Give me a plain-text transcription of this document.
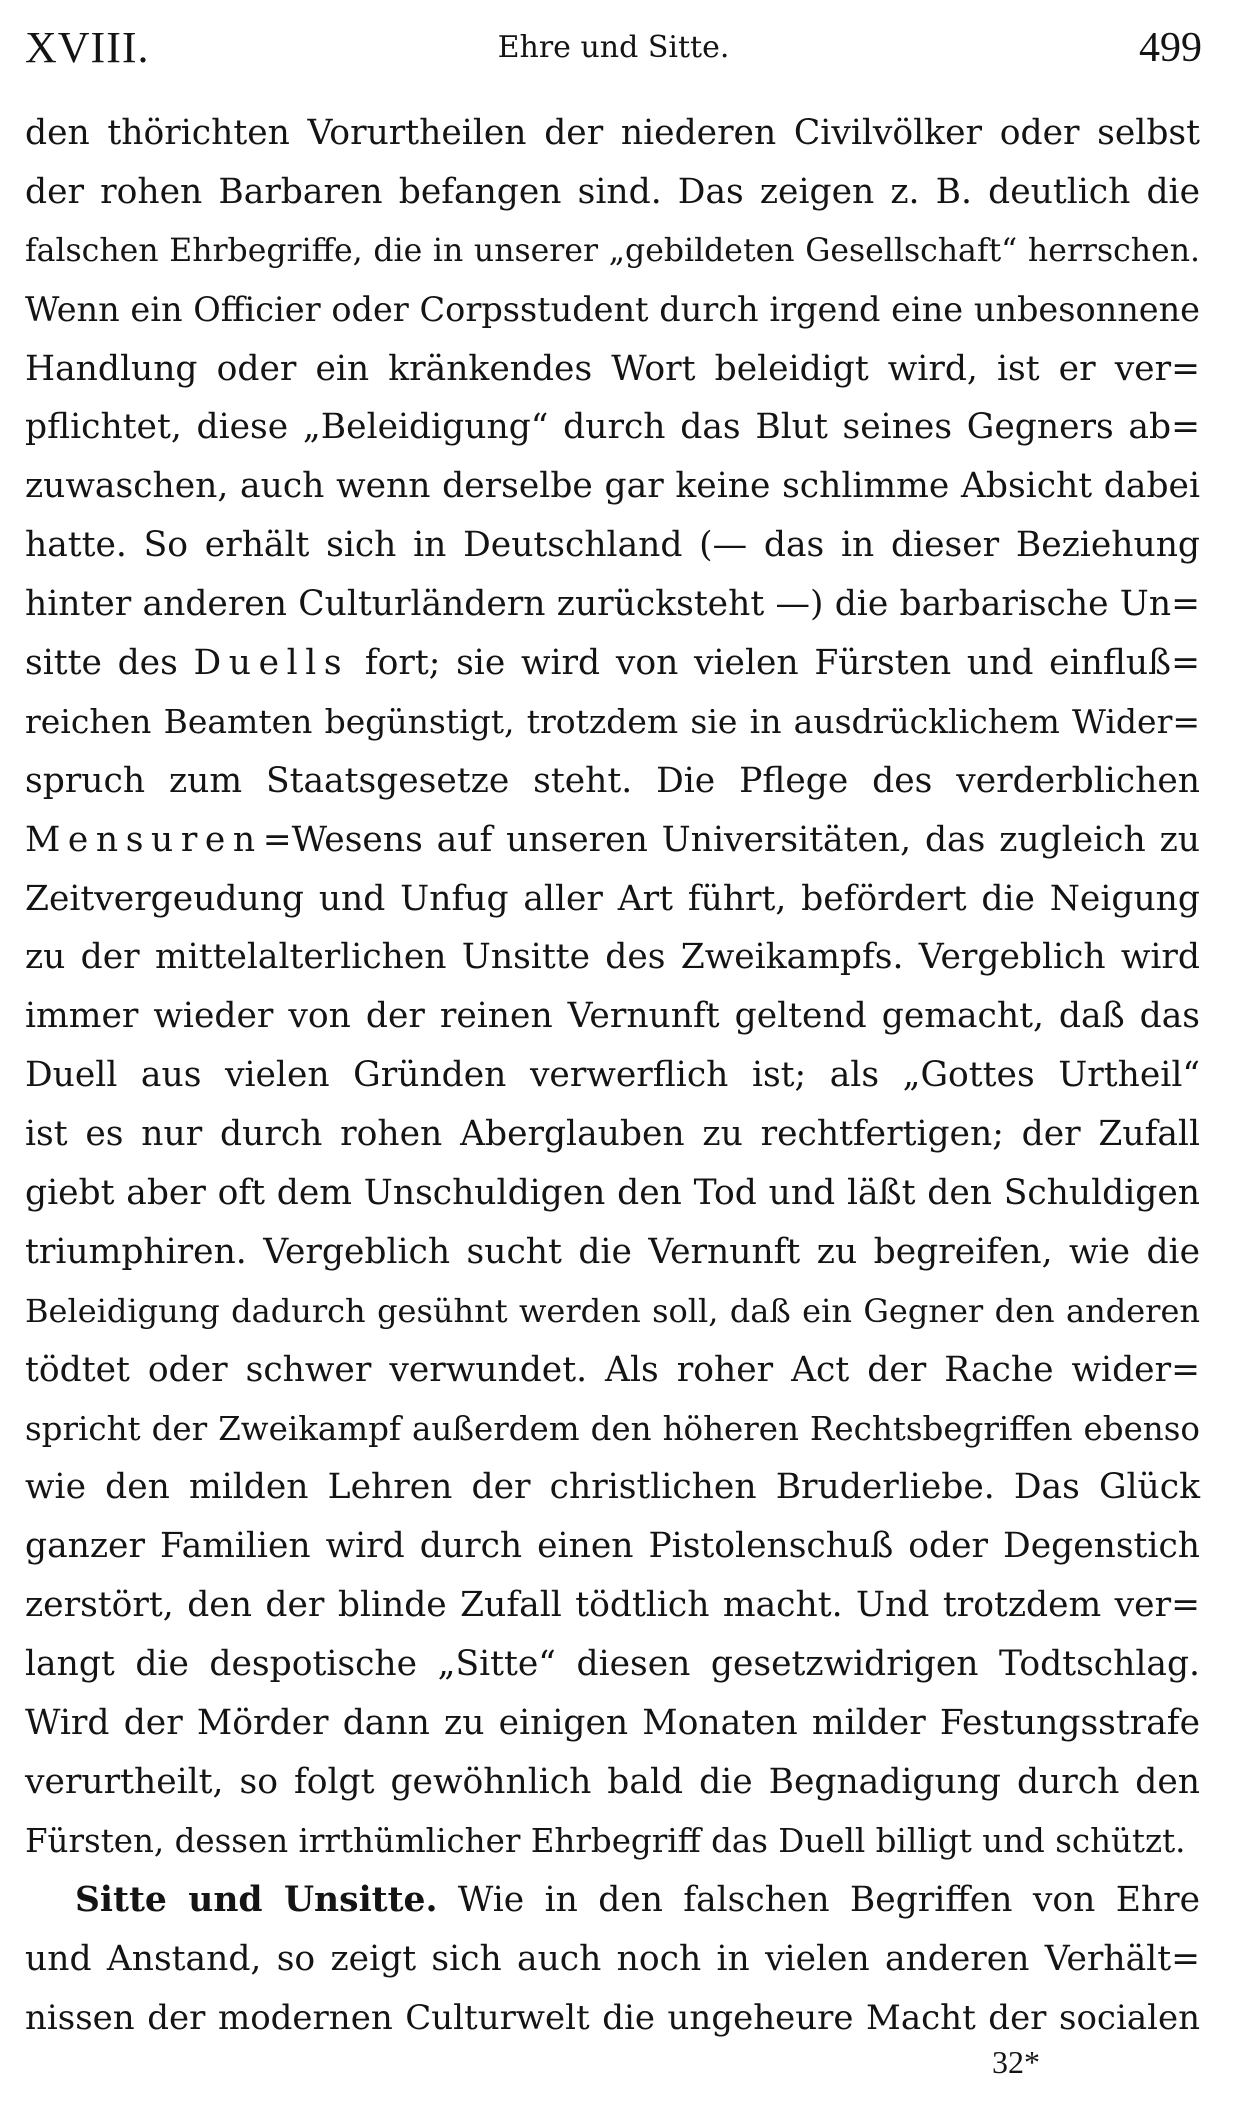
XVIII.	Ehre und Sitte.	499
den thörichten Vorurtheilen der niederen Civilvölker oder selbst
der rohen Barbaren befangen sind. Das zeigen z. B. deutlich die
falschen Ehrbegriffe, die in unserer „gebildeten Gesellschaft“ herrschen.
Wenn ein Officier oder Corpsstudent durch irgend eine unbesonnene
Handlung oder ein kränkendes Wort beleidigt wird, ist er ver=
pflichtet, diese „Beleidigung“ durch das Blut seines Gegners ab=
zuwaschen, auch wenn derselbe gar keine schlimme Absicht dabei
hatte. So erhält sich in Deutschland (— das in dieser Beziehung
hinter anderen Culturländern zurücksteht —) die barbarische Un=
sitte des Duells fort; sie wird von vielen Fürsten und einfluß=
reichen Beamten begünstigt, trotzdem sie in ausdrücklichem Wider=
spruch zum Staatsgesetze steht. Die Pflege des verderblichen
Mensuren=Wesens auf unseren Universitäten, das zugleich zu
Zeitvergeudung und Unfug aller Art führt, befördert die Neigung
zu der mittelalterlichen Unsitte des Zweikampfs. Vergeblich wird
immer wieder von der reinen Vernunft geltend gemacht, daß das
Duell aus vielen Gründen verwerflich ist; als „Gottes Urtheil“
ist es nur durch rohen Aberglauben zu rechtfertigen; der Zufall
giebt aber oft dem Unschuldigen den Tod und läßt den Schuldigen
triumphiren. Vergeblich sucht die Vernunft zu begreifen, wie die
Beleidigung dadurch gesühnt werden soll, daß ein Gegner den anderen
tödtet oder schwer verwundet. Als roher Act der Rache wider=
spricht der Zweikampf außerdem den höheren Rechtsbegriffen ebenso
wie den milden Lehren der christlichen Bruderliebe. Das Glück
ganzer Familien wird durch einen Pistolenschuß oder Degenstich
zerstört, den der blinde Zufall tödtlich macht. Und trotzdem ver=
langt die despotische „Sitte“ diesen gesetzwidrigen Todtschlag.
Wird der Mörder dann zu einigen Monaten milder Festungsstrafe
verurtheilt, so folgt gewöhnlich bald die Begnadigung durch den
Fürsten, dessen irrthümlicher Ehrbegriff das Duell billigt und schützt.
Sitte und Unsitte. Wie in den falschen Begriffen von Ehre
und Anstand, so zeigt sich auch noch in vielen anderen Verhält=
nissen der modernen Culturwelt die ungeheure Macht der socialen
32*
